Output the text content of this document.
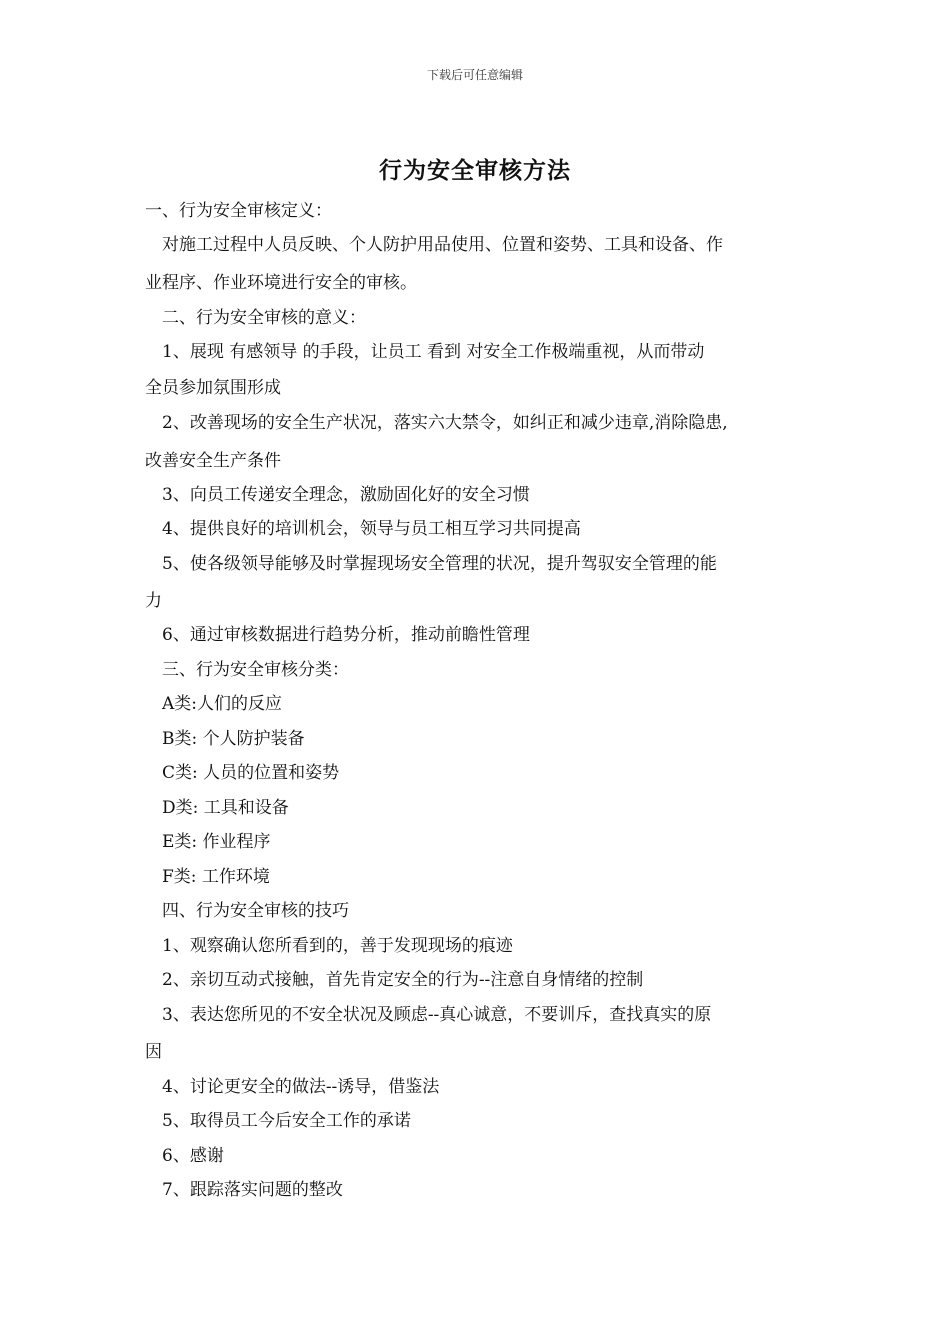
下载后可任意编辑
行为安全审核方法
一、行为安全审核定义：
　对施工过程中人员反映、个人防护用品使用、位置和姿势、工具和设备、作
业程序、作业环境进行安全的审核。
　二、行为安全审核的意义：
　1、展现 有感领导 的手段，让员工 看到 对安全工作极端重视，从而带动
全员参加氛围形成
　2、改善现场的安全生产状况，落实六大禁令，如纠正和减少违章,消除隐患,
改善安全生产条件
　3、向员工传递安全理念，激励固化好的安全习惯
　4、提供良好的培训机会，领导与员工相互学习共同提高
　5、使各级领导能够及时掌握现场安全管理的状况，提升驾驭安全管理的能
力
　6、通过审核数据进行趋势分析，推动前瞻性管理
　三、行为安全审核分类：
　A类:人们的反应
　B类: 个人防护装备
　C类: 人员的位置和姿势
　D类: 工具和设备
　E类: 作业程序
　F类: 工作环境
　四、行为安全审核的技巧
　1、观察确认您所看到的，善于发现现场的痕迹
　2、亲切互动式接触，首先肯定安全的行为--注意自身情绪的控制
　3、表达您所见的不安全状况及顾虑--真心诚意，不要训斥，查找真实的原
因
　4、讨论更安全的做法--诱导，借鉴法
　5、取得员工今后安全工作的承诺
　6、感谢
　7、跟踪落实问题的整改
